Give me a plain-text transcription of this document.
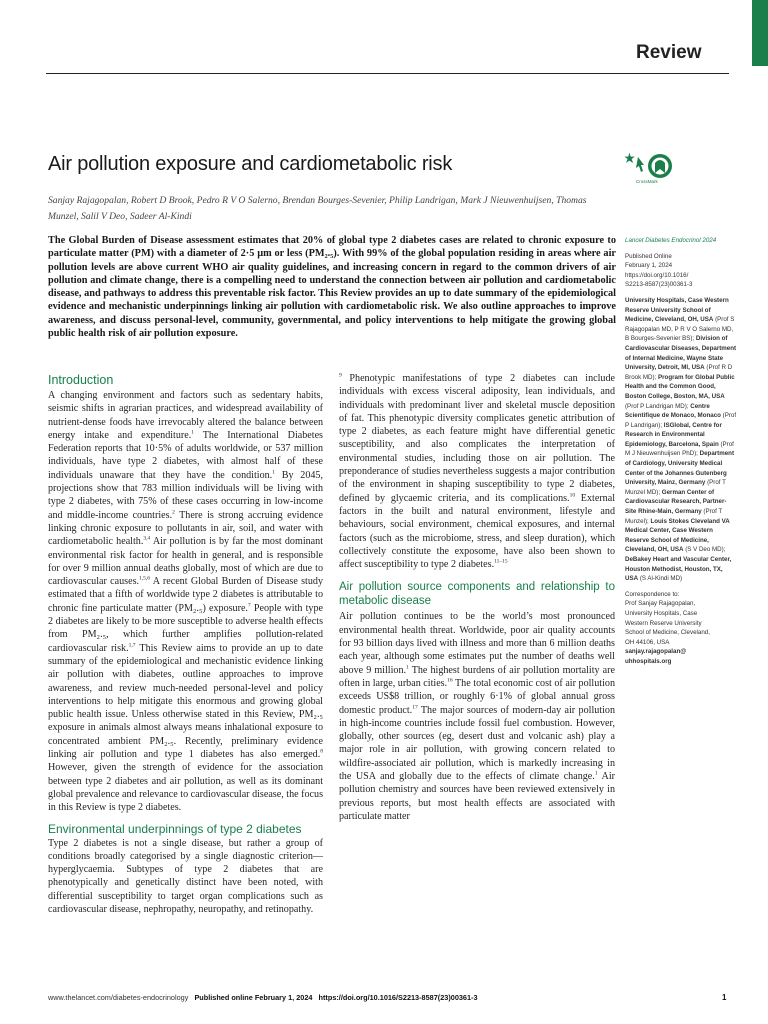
Review
Air pollution exposure and cardiometabolic risk
CrossMark
Sanjay Rajagopalan, Robert D Brook, Pedro R V O Salerno, Brendan Bourges-Sevenier, Philip Landrigan, Mark J Nieuwenhuijsen, Thomas Munzel, Salil V Deo, Sadeer Al-Kindi
The Global Burden of Disease assessment estimates that 20% of global type 2 diabetes cases are related to chronic exposure to particulate matter (PM) with a diameter of 2·5 µm or less (PM₂.₅). With 99% of the global population residing in areas where air pollution levels are above current WHO air quality guidelines, and increasing concern in regard to the common drivers of air pollution and climate change, there is a compelling need to understand the connection between air pollution and cardiometabolic disease, and pathways to address this preventable risk factor. This Review provides an up to date summary of the epidemiological evidence and mechanistic underpinnings linking air pollution with cardiometabolic risk. We also outline approaches to improve awareness, and discuss personal-level, community, governmental, and policy interventions to help mitigate the growing global public health risk of air pollution exposure.
Introduction

A changing environment and factors such as sedentary habits, seismic shifts in agrarian practices, and widespread availability of nutrient-dense foods have irrevocably altered the balance between energy intake and expenditure.$^1$ The International Diabetes Federation reports that 10·5% of adults worldwide, or 537 million individuals, have type 2 diabetes, with almost half of these individuals unaware that they have the condition.$^1$ By 2045, projections show that 783 million individuals will be living with type 2 diabetes, with 75% of these cases occurring in low-income and middle-income countries.$^2$ There is strong accruing evidence linking chronic exposure to pollutants in air, soil, and water with cardiometabolic health.$^{3,4}$ Air pollution is by far the most dominant environmental risk factor for health in general, and is responsible for over 9 million annual deaths globally, most of which are due to cardiovascular causes.$^{1,5,6}$ A recent Global Burden of Disease study estimated that a fifth of worldwide type 2 diabetes is attributable to chronic fine particulate matter (PM₂.₅) exposure.$^7$ People with type 2 diabetes are likely to be more susceptible to adverse health effects from PM₂.₅, which further amplifies pollution-related cardiovascular risk.$^{1,7}$ This Review aims to provide an up to date summary of the epidemiological and mechanistic evidence linking air pollution with diabetes, outline approaches to improve awareness, and review much-needed personal-level and policy interventions to help mitigate this enormous and growing global public health issue. Unless otherwise stated in this Review, PM₂.₅ exposure in animals almost always means inhalational exposure to concentrated ambient PM₂.₅. Recently, preliminary evidence linking air pollution and type 1 diabetes has also emerged.$^8$ However, given the strength of evidence for the association between type 2 diabetes and air pollution, as well as its dominant global prevalence and relevance to cardiovascular disease, the focus in this Review is type 2 diabetes.

Environmental underpinnings of type 2 diabetes

Type 2 diabetes is not a single disease, but rather a group of conditions broadly categorised by a single diagnostic criterion—hyperglycaemia. Subtypes of type 2 diabetes that are phenotypically and genetically distinct have been noted, with differential susceptibility to target organ complications such as cardiovascular disease, nephropathy, neuropathy, and retinopathy.

$^9$ Phenotypic manifestations of type 2 diabetes can include individuals with excess visceral adiposity, lean individuals, and individuals with predominant liver and skeletal muscle deposition of fat. This phenotypic diversity complicates genetic attribution of type 2 diabetes, as each feature might have differential genetic susceptibility, and also complicates the interpretation of environmental studies, including those on air pollution. The preponderance of studies nevertheless suggests a major contribution of the environment in shaping susceptibility to type 2 diabetes, defined by glycaemic criteria, and its complications.$^{10}$ External factors in the built and natural environment, lifestyle and behaviours, social environment, chemical exposures, and internal factors (such as the microbiome, stress, and sleep duration), which collectively constitute the exposome, have also been shown to affect susceptibility to type 2 diabetes.$^{11-15}$

Air pollution source components and relationship to metabolic disease

Air pollution continues to be the world’s most pronounced environmental health threat. Worldwide, poor air quality accounts for 93 billion days lived with illness and more than 6 million deaths each year, although some estimates put the number of deaths well above 9 million.$^1$ The highest burdens of air pollution mortality are often in large, urban cities.$^{16}$ The total economic cost of air pollution exceeds US$8 trillion, or roughly 6·1% of global annual gross domestic product.$^{17}$ The major sources of modern-day air pollution in high-income countries include fossil fuel combustion. However, globally, other sources (eg, desert dust and volcanic ash) play a major role in air pollution, with growing concern related to wildfire-associated air pollution, which is markedly increasing in the USA and globally due to the effects of climate change.$^1$ Air pollution chemistry and sources have been reviewed extensively in previous reports, but most health effects are associated with particulate matter

Lancet Diabetes Endocrinol 2024

Published Online

February 1, 2024

https://doi.org/10.1016/

S2213-8587(23)00361-3

University Hospitals, Case Western Reserve University School of Medicine, Cleveland, OH, USA (Prof S Rajagopalan MD, P R V O Salerno MD, B Bourges-Sevenier BS); Division of Cardiovascular Diseases, Department of Internal Medicine, Wayne State University, Detroit, MI, USA (Prof R D Brook MD); Program for Global Public Health and the Common Good, Boston College, Boston, MA, USA (Prof P Landrigan MD); Centre Scientifique de Monaco, Monaco (Prof P Landrigan); ISGlobal, Centre for Research in Environmental Epidemiology, Barcelona, Spain (Prof M J Nieuwenhuijsen PhD); Department of Cardiology, University Medical Center of the Johannes Gutenberg University, Mainz, Germany (Prof T Munzel MD); German Center of Cardiovascular Research, Partner-Site Rhine-Main, Germany (Prof T Munzel); Louis Stokes Cleveland VA Medical Center, Case Western Reserve School of Medicine, Cleveland, OH, USA (S V Deo MD); DeBakey Heart and Vascular Center, Houston Methodist, Houston, TX, USA (S Al-Kindi MD)

Correspondence to:

Prof Sanjay Rajagopalan,

University Hospitals, Case

Western Reserve University

School of Medicine, Cleveland,

OH 44106, USA

sanjay.rajagopalan@
uhhospitals.org

www.thelancet.com/diabetes-endocrinology Published online February 1, 2024 https://doi.org/10.1016/S2213-8587(23)00361-3	1
